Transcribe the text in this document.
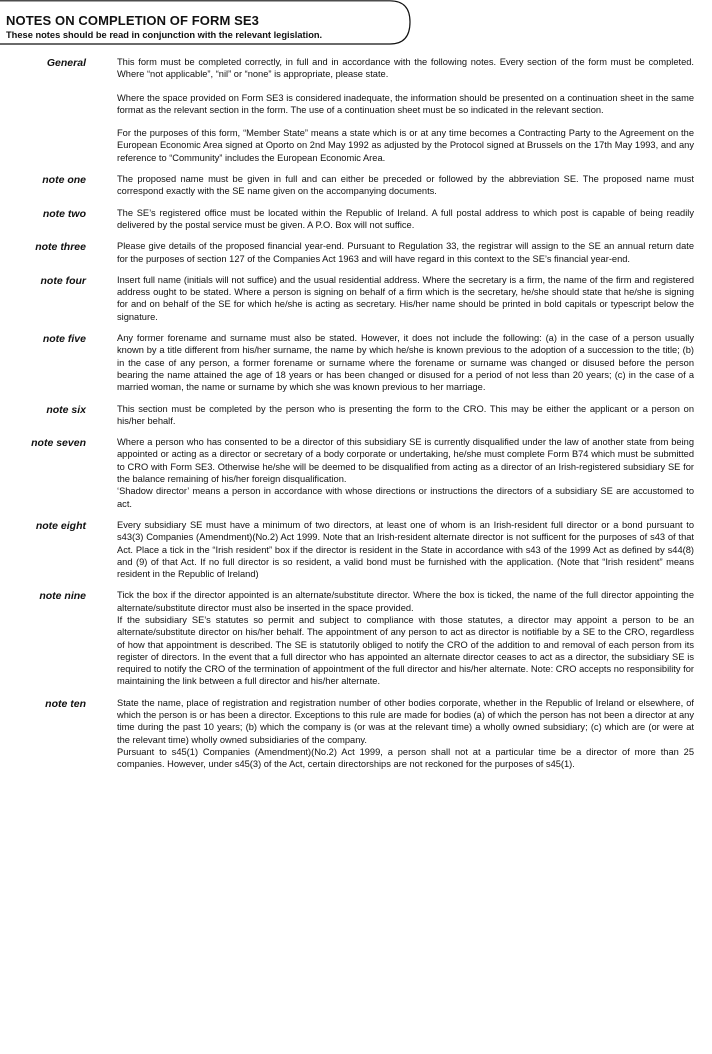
NOTES ON COMPLETION OF FORM SE3
These notes should be read in conjunction with the relevant legislation.
General	This form must be completed correctly, in full and in accordance with the following notes. Every section of the form must be completed. Where “not applicable”, “nil” or “none” is appropriate, please state.

Where the space provided on Form SE3 is considered inadequate, the information should be presented on a continuation sheet in the same format as the relevant section in the form. The use of a continuation sheet must be so indicated in the relevant section.

For the purposes of this form, “Member State” means a state which is or at any time becomes a Contracting Party to the Agreement on the European Economic Area signed at Oporto on 2nd May 1992 as adjusted by the Protocol signed at Brussels on the 17th May 1993, and any reference to “Community” includes the European Economic Area.

note one	The proposed name must be given in full and can either be preceded or followed by the abbreviation SE. The proposed name must correspond exactly with the SE name given on the accompanying documents.

note two	The SE’s registered office must be located within the Republic of Ireland. A full postal address to which post is capable of being readily delivered by the postal service must be given. A P.O. Box will not suffice.

note three	Please give details of the proposed financial year-end. Pursuant to Regulation 33, the registrar will assign to the SE an annual return date for the purposes of section 127 of the Companies Act 1963 and will have regard in this context to the SE’s financial year-end.

note four	Insert full name (initials will not suffice) and the usual residential address. Where the secretary is a firm, the name of the firm and registered address ought to be stated. Where a person is signing on behalf of a firm which is the secretary, he/she should state that he/she is signing for and on behalf of the SE for which he/she is acting as secretary. His/her name should be printed in bold capitals or typescript below the signature.

note five	Any former forename and surname must also be stated. However, it does not include the following: (a) in the case of a person usually known by a title different from his/her surname, the name by which he/she is known previous to the adoption of a succession to the title; (b) in the case of any person, a former forename or surname where the forename or surname was changed or disused before the person bearing the name attained the age of 18 years or has been changed or disused for a period of not less than 20 years; (c) in the case of a married woman, the name or surname by which she was known previous to her marriage.

note six	This section must be completed by the person who is presenting the form to the CRO. This may be either the applicant or a person on his/her behalf.

note seven	Where a person who has consented to be a director of this subsidiary SE is currently disqualified under the law of another state from being appointed or acting as a director or secretary of a body corporate or undertaking, he/she must complete Form B74 which must be submitted to CRO with Form SE3. Otherwise he/she will be deemed to be disqualified from acting as a director of an Irish-registered subsidiary SE for the balance remaining of his/her foreign disqualification.

‘Shadow director’ means a person in accordance with whose directions or instructions the directors of a subsidiary SE are accustomed to act.

note eight	Every subsidiary SE must have a minimum of two directors, at least one of whom is an Irish-resident full director or a bond pursuant to s43(3) Companies (Amendment)(No.2) Act 1999. Note that an Irish-resident alternate director is not sufficent for the purposes of s43 of that Act. Place a tick in the “Irish resident” box if the director is resident in the State in accordance with s43 of the 1999 Act as defined by s44(8) and (9) of that Act. If no full director is so resident, a valid bond must be furnished with the application. (Note that “Irish resident” means resident in the Republic of Ireland)

note nine	Tick the box if the director appointed is an alternate/substitute director. Where the box is ticked, the name of the full director appointing the alternate/substitute director must also be inserted in the space provided.

If the subsidiary SE’s statutes so permit and subject to compliance with those statutes, a director may appoint a person to be an alternate/substitute director on his/her behalf. The appointment of any person to act as director is notifiable by a SE to the CRO, regardless of how that appointment is described. The SE is statutorily obliged to notify the CRO of the addition to and removal of each person from its register of directors. In the event that a full director who has appointed an alternate director ceases to act as a director, the subsidiary SE is required to notify the CRO of the termination of appointment of the full director and his/her alternate. Note: CRO accepts no responsibility for maintaining the link between a full director and his/her alternate.

note ten	State the name, place of registration and registration number of other bodies corporate, whether in the Republic of Ireland or elsewhere, of which the person is or has been a director. Exceptions to this rule are made for bodies (a) of which the person has not been a director at any time during the past 10 years; (b) which the company is (or was at the relevant time) a wholly owned subsidiary; (c) which are (or were at the relevant time) wholly owned subsidiaries of the company.

Pursuant to s45(1) Companies (Amendment)(No.2) Act 1999, a person shall not at a particular time be a director of more than 25 companies. However, under s45(3) of the Act, certain directorships are not reckoned for the purposes of s45(1).
